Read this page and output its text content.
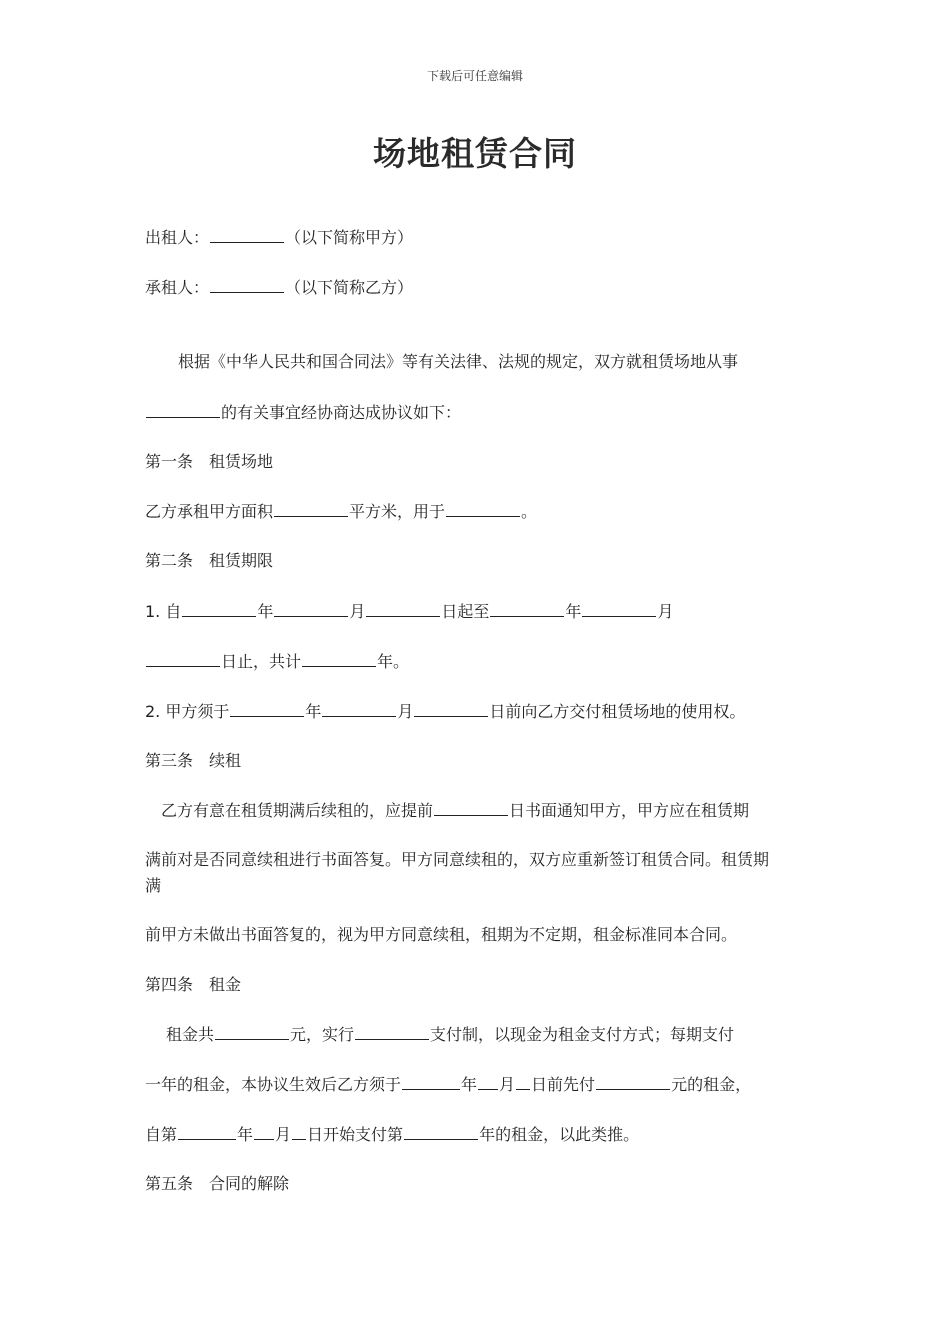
下载后可任意编辑
场地租赁合同
出租人：	（以下简称甲方）
承租人：	（以下简称乙方）
根据《中华人民共和国合同法》等有关法律、法规的规定，双方就租赁场地从事
的有关事宜经协商达成协议如下：
第一条　租赁场地
乙方承租甲方面积	平方米，用于	。
第二条　租赁期限
1. 自	年	月	日起至	年	月
日止，共计	年。
2. 甲方须于	年	月	日前向乙方交付租赁场地的使用权。
第三条　续租
乙方有意在租赁期满后续租的，应提前	日书面通知甲方，甲方应在租赁期
满前对是否同意续租进行书面答复。甲方同意续租的，双方应重新签订租赁合同。租赁期
满
前甲方未做出书面答复的，视为甲方同意续租，租期为不定期，租金标准同本合同。
第四条　租金
租金共	元，实行	支付制，以现金为租金支付方式；每期支付
一年的租金，本协议生效后乙方须于	年 月 日前先付	元的租金，
自第	年 月 日开始支付第	年的租金，以此类推。
第五条　合同的解除
